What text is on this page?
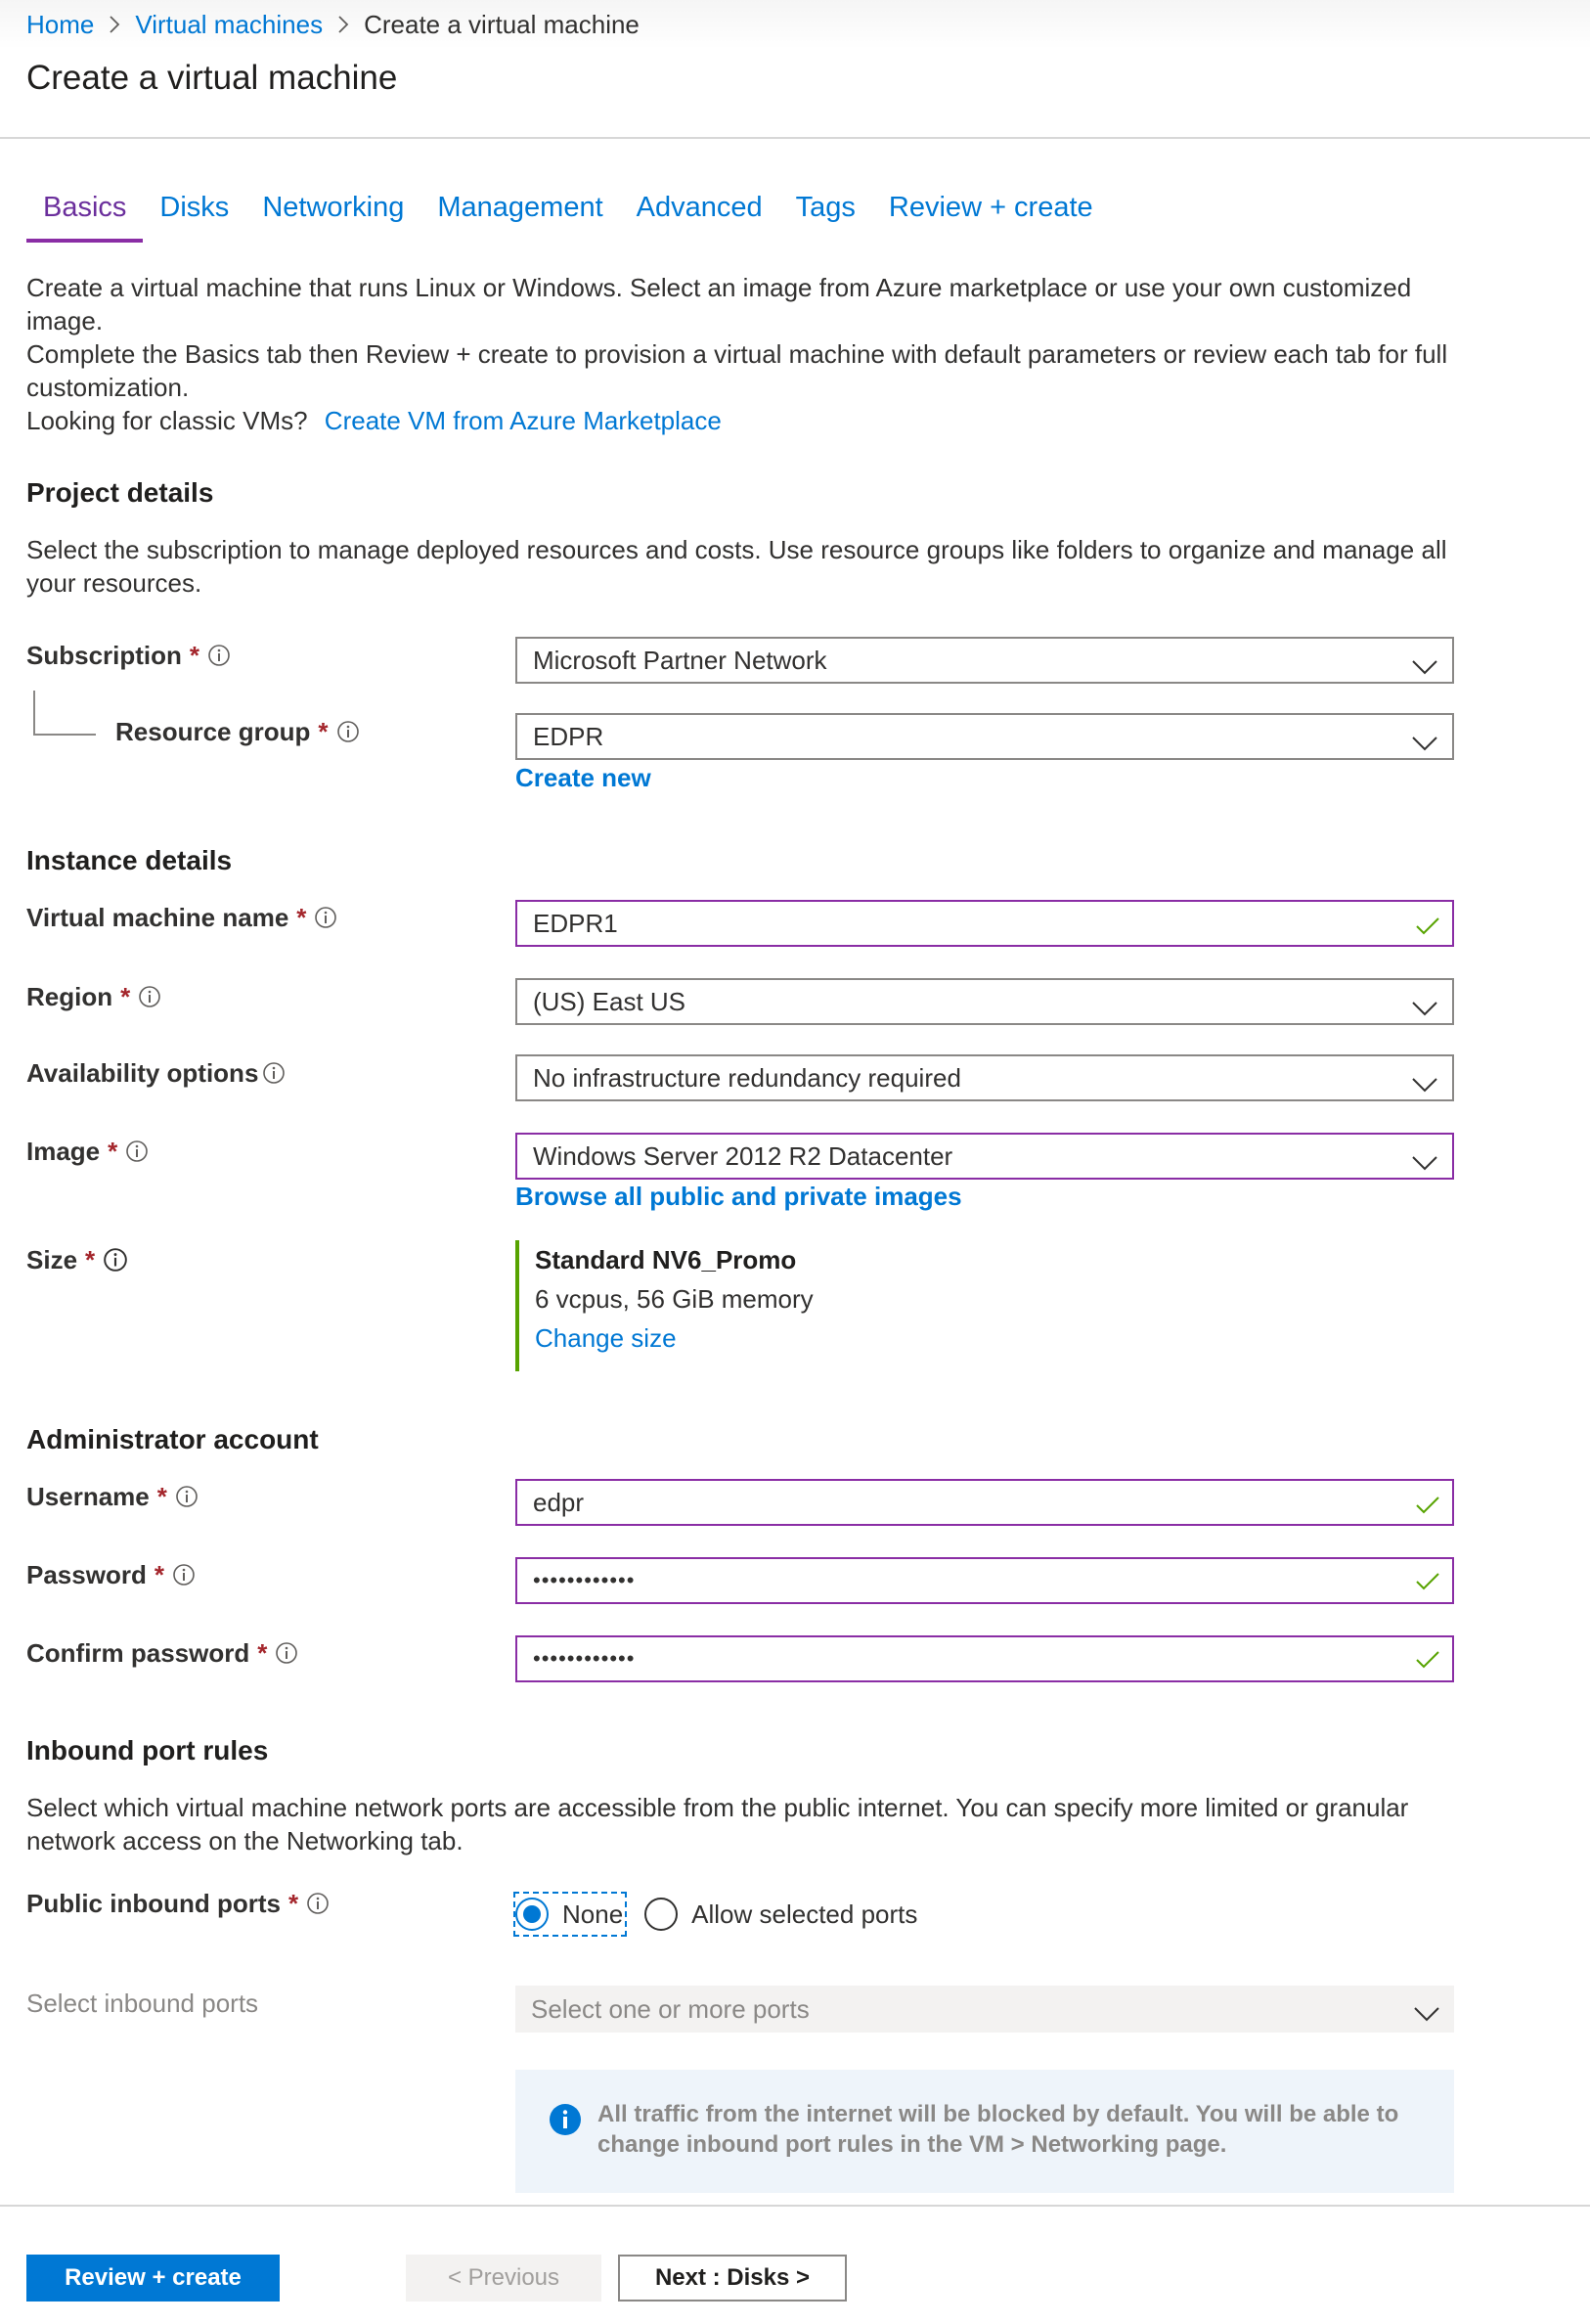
Home Virtual machines Create a virtual machine
Create a virtual machine
Basics	Disks	Networking	Management	Advanced	Tags	Review + create
Create a virtual machine that runs Linux or Windows. Select an image from Azure marketplace or use your own customized
image.
Complete the Basics tab then Review + create to provision a virtual machine with default parameters or review each tab for full
customization.
Looking for classic VMs? Create VM from Azure Marketplace
Project details
Select the subscription to manage deployed resources and costs. Use resource groups like folders to organize and manage all
your resources.
Subscription *	Microsoft Partner Network
Resource group *	EDPR
Create new
Instance details
Virtual machine name *	EDPR1
Region *	(US) East US
Availability options	No infrastructure redundancy required
Image *	Windows Server 2012 R2 Datacenter
Browse all public and private images
Size *	Standard NV6_Promo
6 vcpus, 56 GiB memory
Change size
Administrator account
Username *	edpr
Password *	••••••••••••
Confirm password *	••••••••••••
Inbound port rules
Select which virtual machine network ports are accessible from the public internet. You can specify more limited or granular
network access on the Networking tab.
Public inbound ports *	None	Allow selected ports
Select inbound ports	Select one or more ports
All traffic from the internet will be blocked by default. You will be able to
change inbound port rules in the VM > Networking page.
Review + create	< Previous	Next : Disks >
